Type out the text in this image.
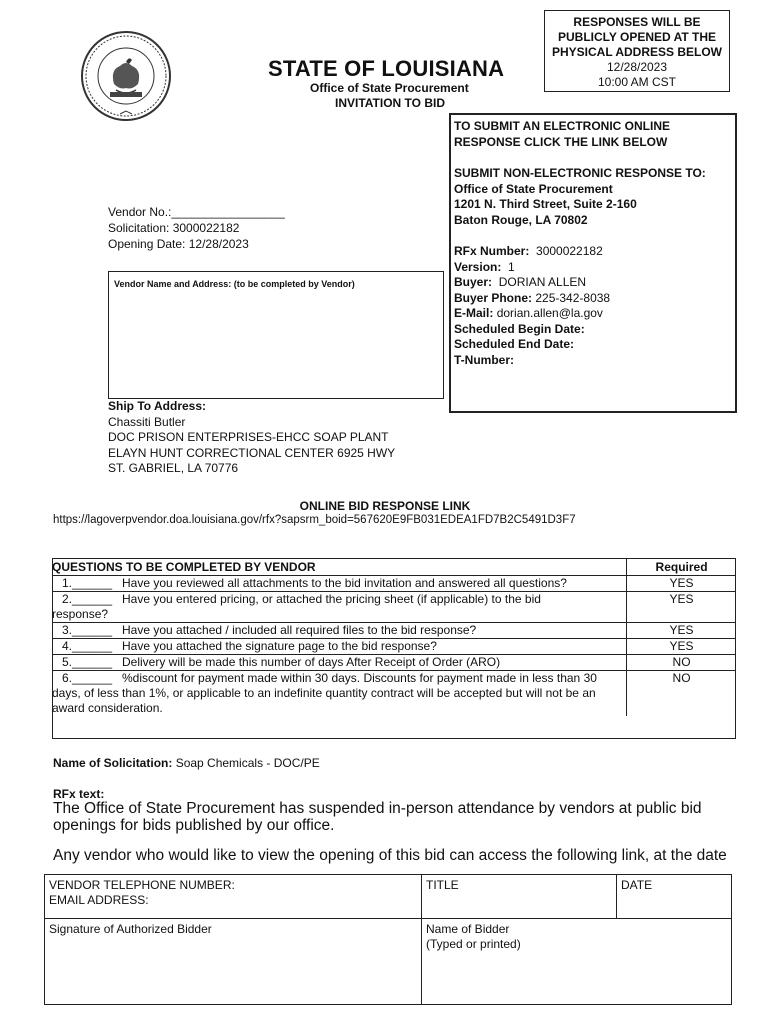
STATE OF LOUISIANA
Office of State Procurement
INVITATION TO BID
RESPONSES WILL BE
PUBLICLY OPENED AT THE
PHYSICAL ADDRESS BELOW
12/28/2023
10:00 AM CST
TO SUBMIT AN ELECTRONIC ONLINE
RESPONSE CLICK THE LINK BELOW
SUBMIT NON-ELECTRONIC RESPONSE TO:
Office of State Procurement
1201 N. Third Street, Suite 2-160
Baton Rouge, LA 70802
RFx Number: 3000022182
Version: 1
Buyer: DORIAN ALLEN
Buyer Phone: 225-342-8038
E-Mail: dorian.allen@la.gov
Scheduled Begin Date:
Scheduled End Date:
T-Number:
Vendor No.:_________________
Solicitation: 3000022182
Opening Date: 12/28/2023
Vendor Name and Address: (to be completed by Vendor)
Ship To Address:
Chassiti Butler
DOC PRISON ENTERPRISES-EHCC SOAP PLANT
ELAYN HUNT CORRECTIONAL CENTER 6925 HWY
ST. GABRIEL, LA 70776
ONLINE BID RESPONSE LINK
https://lagoverpvendor.doa.louisiana.gov/rfx?sapsrm_boid=567620E9FB031EDEA1FD7B2C5491D3F7
QUESTIONS TO BE COMPLETED BY VENDOR	Required
1.______ Have you reviewed all attachments to the bid invitation and answered all questions?	YES
2.______ Have you entered pricing, or attached the pricing sheet (if applicable) to the bid
response?	YES
3.______ Have you attached / included all required files to the bid response?	YES
4.______ Have you attached the signature page to the bid response?	YES
5.______ Delivery will be made this number of days After Receipt of Order (ARO)	NO
6.______ %discount for payment made within 30 days. Discounts for payment made in less than 30
days, of less than 1%, or applicable to an indefinite quantity contract will be accepted but will not be an award consideration.	NO
Name of Solicitation: Soap Chemicals - DOC/PE
RFx text:
The Office of State Procurement has suspended in-person attendance by vendors at public bid openings for bids published by our office.
Any vendor who would like to view the opening of this bid can access the following link, at the date
VENDOR TELEPHONE NUMBER:
EMAIL ADDRESS:	TITLE	DATE
Signature of Authorized Bidder	Name of Bidder
(Typed or printed)	
